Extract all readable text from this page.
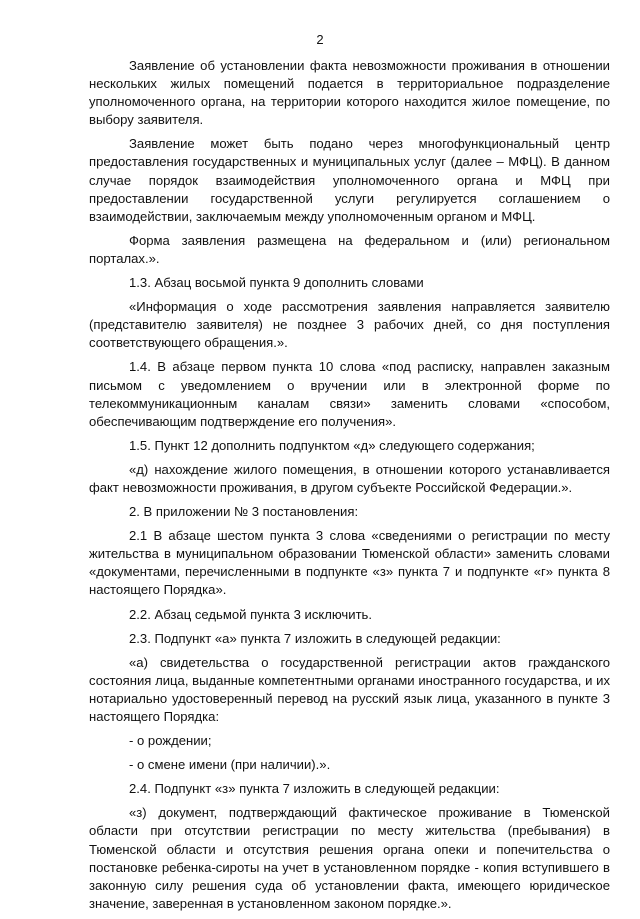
2

Заявление об установлении факта невозможности проживания в отношении нескольких жилых помещений подается в территориальное подразделение уполномоченного органа, на территории которого находится жилое помещение, по выбору заявителя.

Заявление может быть подано через многофункциональный центр предоставления государственных и муниципальных услуг (далее – МФЦ). В данном случае порядок взаимодействия уполномоченного органа и МФЦ при предоставлении государственной услуги регулируется соглашением о взаимодействии, заключаемым между уполномоченным органом и МФЦ.

Форма заявления размещена на федеральном и (или) региональном порталах.».

1.3. Абзац восьмой пункта 9 дополнить словами

«Информация о ходе рассмотрения заявления направляется заявителю (представителю заявителя) не позднее 3 рабочих дней, со дня поступления соответствующего обращения.».

1.4. В абзаце первом пункта 10 слова «под расписку, направлен заказным письмом с уведомлением о вручении или в электронной форме по телекоммуникационным каналам связи» заменить словами «способом, обеспечивающим подтверждение его получения».

1.5. Пункт 12 дополнить подпунктом «д» следующего содержания;

«д) нахождение жилого помещения, в отношении которого устанавливается факт невозможности проживания, в другом субъекте Российской Федерации.».

2. В приложении № 3 постановления:

2.1 В абзаце шестом пункта 3 слова «сведениями о регистрации по месту жительства в муниципальном образовании Тюменской области» заменить словами «документами, перечисленными в подпункте «з» пункта 7 и подпункте «г» пункта 8 настоящего Порядка».

2.2. Абзац седьмой пункта 3 исключить.

2.3. Подпункт «а» пункта 7 изложить в следующей редакции:

«а) свидетельства о государственной регистрации актов гражданского состояния лица, выданные компетентными органами иностранного государства, и их нотариально удостоверенный перевод на русский язык лица, указанного в пункте 3 настоящего Порядка:

- о рождении;

- о смене имени (при наличии).».

2.4. Подпункт «з» пункта 7 изложить в следующей редакции:

«з) документ, подтверждающий фактическое проживание в Тюменской области при отсутствии регистрации по месту жительства (пребывания) в Тюменской области и отсутствия решения органа опеки и попечительства о постановке ребенка-сироты на учет в установленном порядке - копия вступившего в законную силу решения суда об установлении факта, имеющего юридическое значение, заверенная в установленном законом порядке.».
